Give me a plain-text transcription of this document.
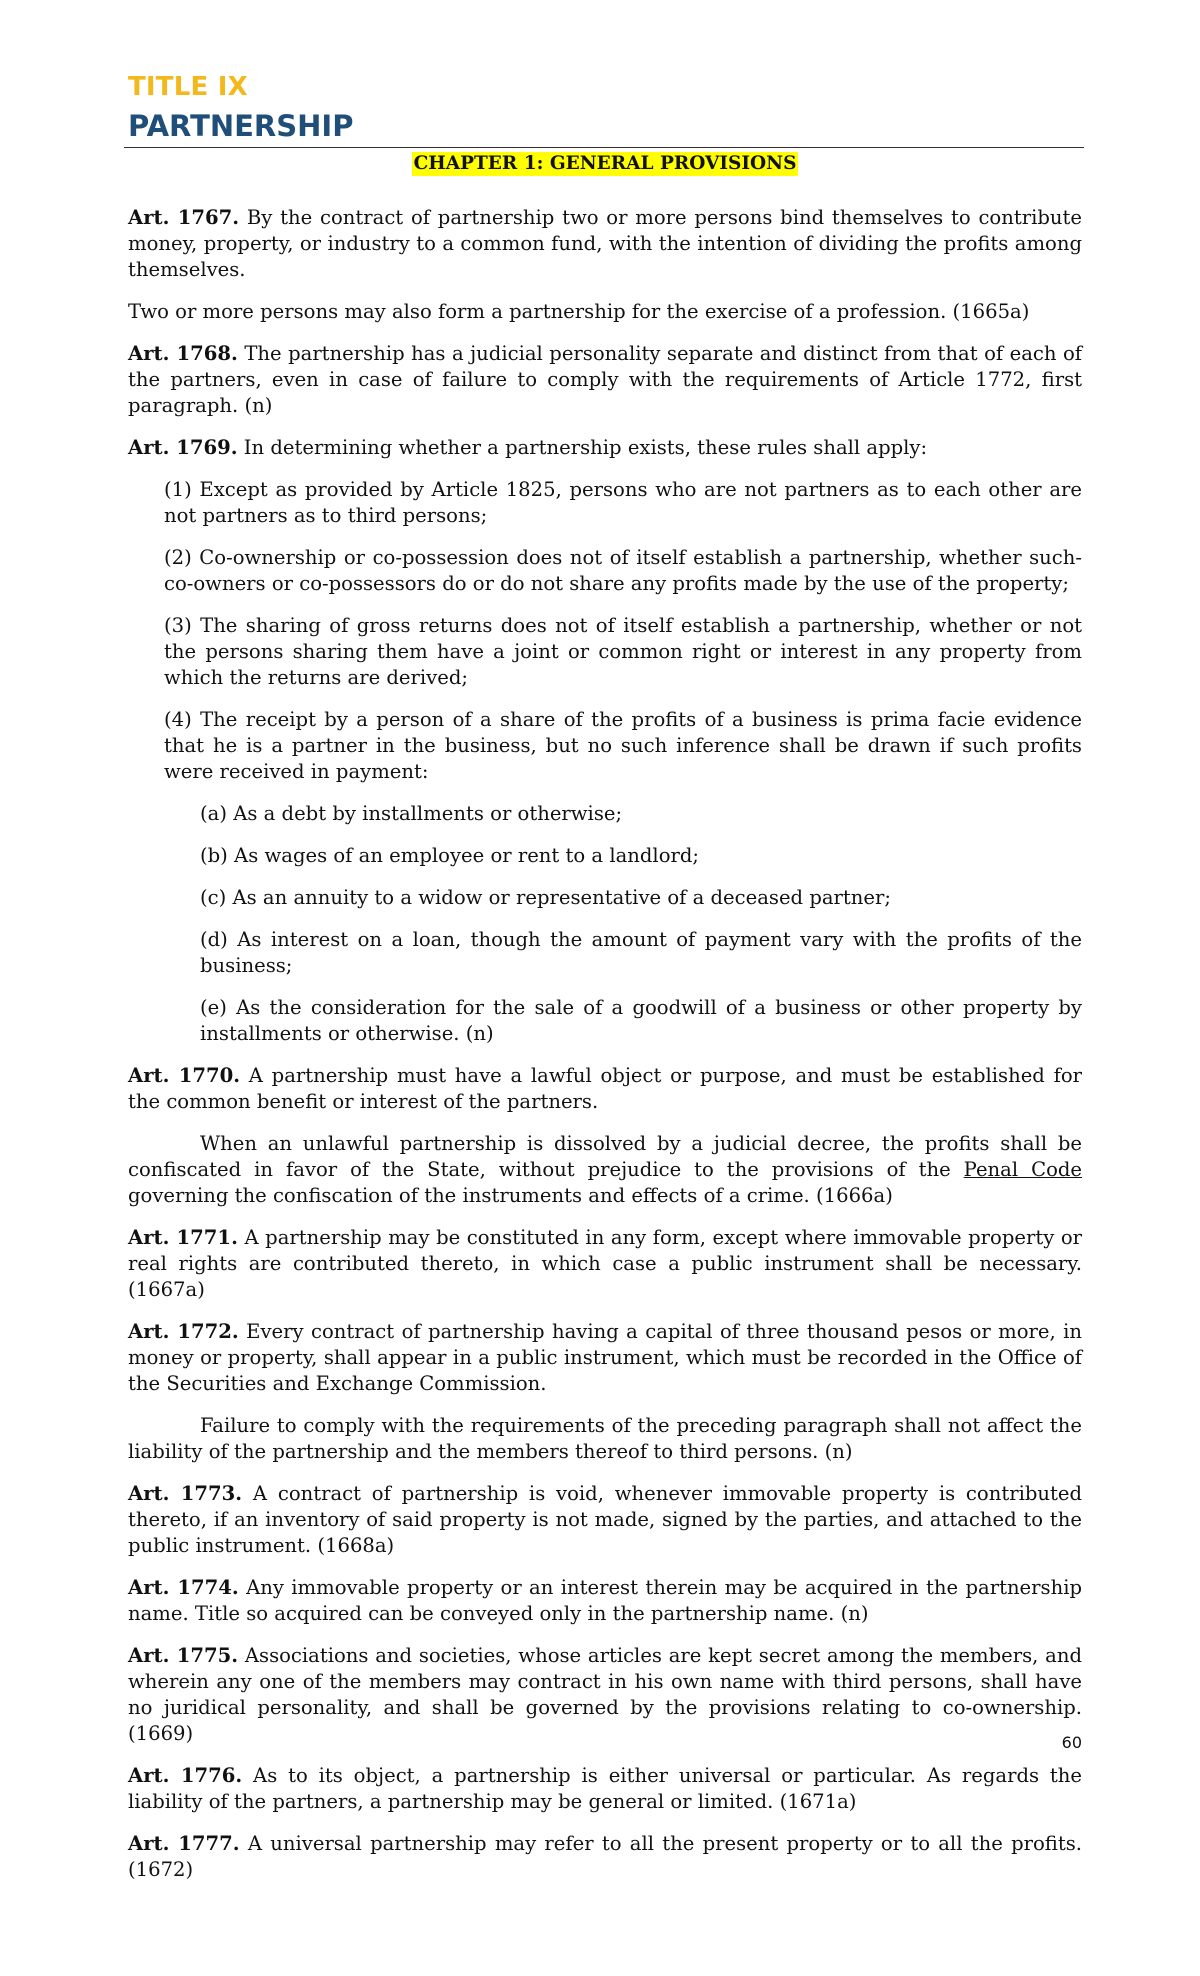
TITLE IX
PARTNERSHIP
CHAPTER 1: GENERAL PROVISIONS

Art. 1767. By the contract of partnership two or more persons bind themselves to contribute money, property, or industry to a common fund, with the intention of dividing the profits among themselves.

Two or more persons may also form a partnership for the exercise of a profession. (1665a)

Art. 1768. The partnership has a judicial personality separate and distinct from that of each of the partners, even in case of failure to comply with the requirements of Article 1772, first paragraph. (n)

Art. 1769. In determining whether a partnership exists, these rules shall apply:

(1) Except as provided by Article 1825, persons who are not partners as to each other are not partners as to third persons;

(2) Co-ownership or co-possession does not of itself establish a partnership, whether such-co-owners or co-possessors do or do not share any profits made by the use of the property;

(3) The sharing of gross returns does not of itself establish a partnership, whether or not the persons sharing them have a joint or common right or interest in any property from which the returns are derived;

(4) The receipt by a person of a share of the profits of a business is prima facie evidence that he is a partner in the business, but no such inference shall be drawn if such profits were received in payment:

(a) As a debt by installments or otherwise;

(b) As wages of an employee or rent to a landlord;

(c) As an annuity to a widow or representative of a deceased partner;

(d) As interest on a loan, though the amount of payment vary with the profits of the business;

(e) As the consideration for the sale of a goodwill of a business or other property by installments or otherwise. (n)

Art. 1770. A partnership must have a lawful object or purpose, and must be established for the common benefit or interest of the partners.

When an unlawful partnership is dissolved by a judicial decree, the profits shall be confiscated in favor of the State, without prejudice to the provisions of the Penal Code governing the confiscation of the instruments and effects of a crime. (1666a)

Art. 1771. A partnership may be constituted in any form, except where immovable property or real rights are contributed thereto, in which case a public instrument shall be necessary. (1667a)

Art. 1772. Every contract of partnership having a capital of three thousand pesos or more, in money or property, shall appear in a public instrument, which must be recorded in the Office of the Securities and Exchange Commission.

Failure to comply with the requirements of the preceding paragraph shall not affect the liability of the partnership and the members thereof to third persons. (n)

Art. 1773. A contract of partnership is void, whenever immovable property is contributed thereto, if an inventory of said property is not made, signed by the parties, and attached to the public instrument. (1668a)

Art. 1774. Any immovable property or an interest therein may be acquired in the partnership name. Title so acquired can be conveyed only in the partnership name. (n)

Art. 1775. Associations and societies, whose articles are kept secret among the members, and wherein any one of the members may contract in his own name with third persons, shall have no juridical personality, and shall be governed by the provisions relating to co-ownership. (1669)

Art. 1776. As to its object, a partnership is either universal or particular. As regards the liability of the partners, a partnership may be general or limited. (1671a)

Art. 1777. A universal partnership may refer to all the present property or to all the profits. (1672)

60
